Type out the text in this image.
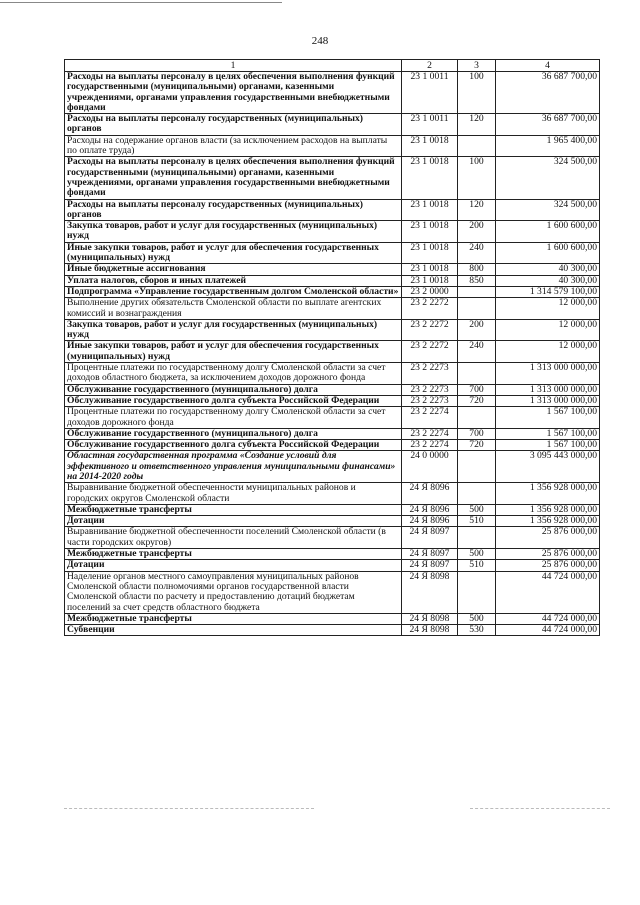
248
1	2	3	4
Расходы на выплаты персоналу в целях обеспечения выполнения функций государственными (муниципальными) органами, казенными учреждениями, органами управления государственными внебюджетными фондами	23 1 0011	100	36 687 700,00
Расходы на выплаты персоналу государственных (муниципальных) органов	23 1 0011	120	36 687 700,00
Расходы на содержание органов власти (за исключением расходов на выплаты по оплате труда)	23 1 0018		1 965 400,00
Расходы на выплаты персоналу в целях обеспечения выполнения функций государственными (муниципальными) органами, казенными учреждениями, органами управления государственными внебюджетными фондами	23 1 0018	100	324 500,00
Расходы на выплаты персоналу государственных (муниципальных) органов	23 1 0018	120	324 500,00
Закупка товаров, работ и услуг для государственных (муниципальных) нужд	23 1 0018	200	1 600 600,00
Иные закупки товаров, работ и услуг для обеспечения государственных (муниципальных) нужд	23 1 0018	240	1 600 600,00
Иные бюджетные ассигнования	23 1 0018	800	40 300,00
Уплата налогов, сборов и иных платежей	23 1 0018	850	40 300,00
Подпрограмма «Управление государственным долгом Смоленской области»	23 2 0000		1 314 579 100,00
Выполнение других обязательств Смоленской области по выплате агентских комиссий и вознаграждения	23 2 2272		12 000,00
Закупка товаров, работ и услуг для государственных (муниципальных) нужд	23 2 2272	200	12 000,00
Иные закупки товаров, работ и услуг для обеспечения государственных (муниципальных) нужд	23 2 2272	240	12 000,00
Процентные платежи по государственному долгу Смоленской области за счет доходов областного бюджета, за исключением доходов дорожного фонда	23 2 2273		1 313 000 000,00
Обслуживание государственного (муниципального) долга	23 2 2273	700	1 313 000 000,00
Обслуживание государственного долга субъекта Российской Федерации	23 2 2273	720	1 313 000 000,00
Процентные платежи по государственному долгу Смоленской области за счет доходов дорожного фонда	23 2 2274		1 567 100,00
Обслуживание государственного (муниципального) долга	23 2 2274	700	1 567 100,00
Обслуживание государственного долга субъекта Российской Федерации	23 2 2274	720	1 567 100,00
Областная государственная программа «Создание условий для эффективного и ответственного управления муниципальными финансами» на 2014-2020 годы	24 0 0000		3 095 443 000,00
Выравнивание бюджетной обеспеченности муниципальных районов и городских округов Смоленской области	24 Я 8096		1 356 928 000,00
Межбюджетные трансферты	24 Я 8096	500	1 356 928 000,00
Дотации	24 Я 8096	510	1 356 928 000,00
Выравнивание бюджетной обеспеченности поселений Смоленской области (в части городских округов)	24 Я 8097		25 876 000,00
Межбюджетные трансферты	24 Я 8097	500	25 876 000,00
Дотации	24 Я 8097	510	25 876 000,00
Наделение органов местного самоуправления муниципальных районов Смоленской области полномочиями органов государственной власти Смоленской области по расчету и предоставлению дотаций бюджетам поселений за счет средств областного бюджета	24 Я 8098		44 724 000,00
Межбюджетные трансферты	24 Я 8098	500	44 724 000,00
Субвенции	24 Я 8098	530	44 724 000,00
